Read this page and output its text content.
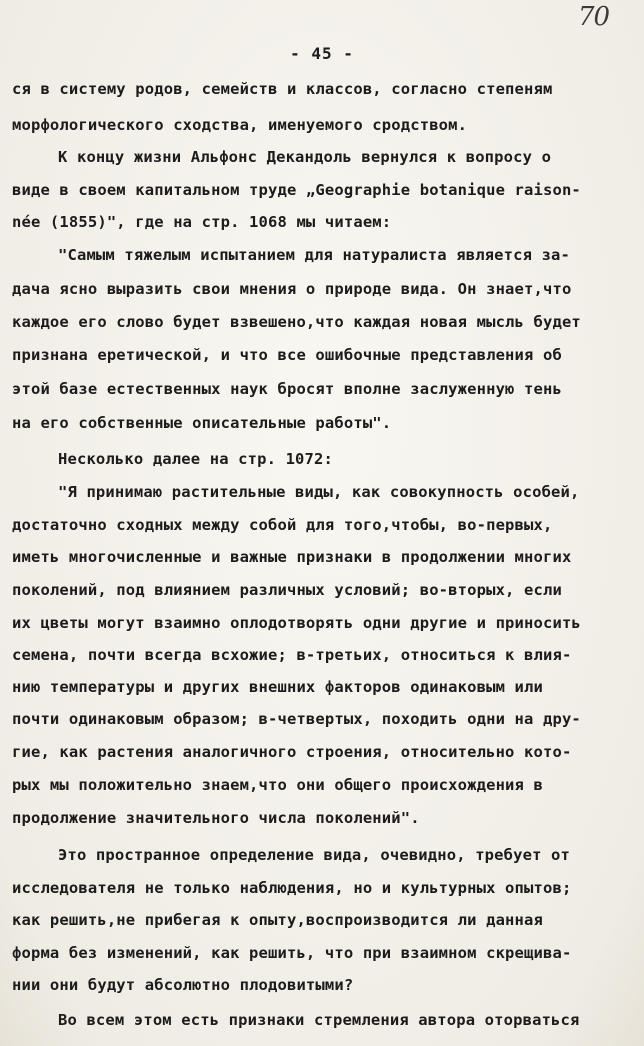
70
- 45 -
ся в систему родов, семейств и классов, согласно степеням
морфологического сходства, именуемого сродством.
К концу жизни Альфонс Декандоль вернулся к вопросу о
виде в своем капитальном труде „Geographie botanique raison-
née (1855)", где на стр. 1068 мы читаем:
"Самым тяжелым испытанием для натуралиста является за-
дача ясно выразить свои мнения о природе вида. Он знает,что
каждое его слово будет взвешено,что каждая новая мысль будет
признана еретической, и что все ошибочные представления об
этой базе естественных наук бросят вполне заслуженную тень
на его собственные описательные работы".
Несколько далее на стр. 1072:
"Я принимаю растительные виды, как совокупность особей,
достаточно сходных между собой для того,чтобы, во-первых,
иметь многочисленные и важные признаки в продолжении многих
поколений, под влиянием различных условий; во-вторых, если
их цветы могут взаимно оплодотворять одни другие и приносить
семена, почти всегда всхожие; в-третьих, относиться к влия-
нию температуры и других внешних факторов одинаковым или
почти одинаковым образом; в-четвертых, походить одни на дру-
гие, как растения аналогичного строения, относительно кото-
рых мы положительно знаем,что они общего происхождения в
продолжение значительного числа поколений".
Это пространное определение вида, очевидно, требует от
исследователя не только наблюдения, но и культурных опытов;
как решить,не прибегая к опыту,воспроизводится ли данная
форма без изменений, как решить, что при взаимном скрещива-
нии они будут абсолютно плодовитыми?
Во всем этом есть признаки стремления автора оторваться
